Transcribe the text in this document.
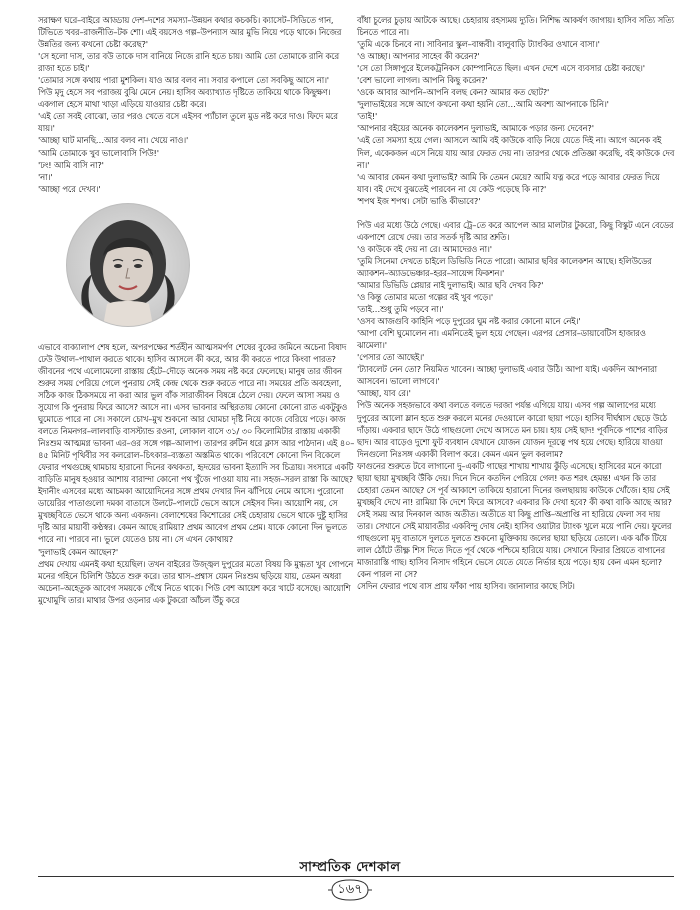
সরাক্ষণ ঘরে–বাইরে আড্ডায় দেশ–দশের সমস্যা–উন্নয়ন কথার কচকচি। ক্যাসেট–সিডিতে গান, টিভিতে খবর–রাজনীতি–টক শো। এই বয়সেও গল্প–উপন্যাস আর মুভি নিয়ে পড়ে থাকে। নিজের উন্নতির জন্য কখনো চেষ্টা করেছ?'

'সে হলো দাস, তার বউ তাকে দাস বানিয়ে নিজে রানি হতে চায়। আমি তো তোমাকে রানি করে রাজা হতে চাই।'

'তোমার সঙ্গে কথায় পারা মুশকিল। যাও আর বলব না। সবার কপালে তো সবকিছু আসে না।'

পিউ মৃদু হেসে সব পরাজয় বুঝি মেনে নেয়। হাসিব অব্যাখ্যাত দৃষ্টিতে তাকিয়ে থাকে কিছুক্ষণ। একগাল হেসে মাথা খাড়া এড়িয়ে যাওয়ার চেষ্টা করে।

'এই তো সবই বোঝো, তার পরও খেতে বসে এইসব প্যাঁচাল তুলে মুড নষ্ট করে দাও। ফিদে মরে যায়।'

'আচ্ছা ঘাট মানছি…আর বলব না। খেয়ে নাও।'

'আমি তোমাকে খুব ভালোবাসি পিউ!'

'ঢং! আমি বাসি না?'

'না।'

'আচ্ছা পরে দেখব।'

এভাবে বাক্যালাপ শেষ হলে, অপরপক্ষের শর্তহীন আত্মসমর্পণ শেষের বুকের জমিনে অচেনা বিষাদ ঢেউ উথাল–পাথাল করতে থাকে। হাসিব আসলে কী করে, আর কী করতে পারে কিংবা পারত? জীবনের পথে এলোমেলো রাস্তায় হেঁটে–দৌড়ে অনেক সময় নষ্ট করে ফেলেছে। মানুষ তার জীবন শুরুর সময় পেরিয়ে গেলে পুনরায় সেই কেন্দ্র থেকে শুরু করতে পারে না। সময়ের প্রতি অবহেলা, সঠিক কাজ ঠিকসময়ে না করা আর ভুল বাঁক সারাজীবন বিষন্নে ঠেলে দেয়। ফেলে আসা সময় ও সুযোগ কি পুনরায় ফিরে আসে? আসে না। এসব ভাবনার অস্থিরতায় কোনো কোনো রাত একটুকুও ঘুমোতে পারে না সে। সকালে চোখ–মুখ শুকনো আর ঘোমচা দৃষ্টি নিয়ে কাজে বেরিয়ে পড়ে। কাজ বলতে নিমনগর–লালবাড়ি বাসস্ট্যান্ড রওনা, লোকাল বাসে ৩১/ ৩০ কিলোমিটার রাস্তায় একাকী নিঃশুম আত্মমগ্ন ভাবনা এর–ওর সঙ্গে গল্প–আলাপ। তারপর রুটিন ধরে ক্লাস আর পাঠদান। এই ৪০–৪৫ মিনিট পৃথিবীর সব কলরোল–চিৎকার–ব্যস্ততা অস্তমিত থাকে। পরিবেশে কোনো দিন বিকেলে ফেরার পথগুচ্ছে থামচায় হারানো দিনের কথকতা, হৃদয়ের ভাবনা ইত্যাদি সব চিত্রায়। সংসারে একটি বাড়িতি মানুষ হওয়ার আশায় বারান্দা কোনো পথ খুঁজে পাওয়া যায় না। সহজ–সরল রাস্তা কি আছে? ইদানীং এসবের মধ্যে আচমকা আয়োদিনের সঙ্গে প্রথম দেখার দিন ঝাঁপিয়ে নেমে আসে। পুরোনো ডায়েরির পাতাগুলো দমকা বাতাসে উলটে–পালটে ভেসে আসে সেইসব দিন। আয়োশি নয়, সে মুখচ্ছবিতে ভেসে থাকে অন্য একজন। বেলাশেষের কিশোরের সেই চেহারায় ভেসে থাকে দুষ্টু হাসির দৃষ্টি আর মায়াবী কণ্ঠস্বর। কেমন আছে রামিয়া? প্রথম আবেগ প্রথম প্রেম। যাকে কোনো দিন ভুলতে পারে না। পারবে না। ভুলে যেতেও চায় না। সে এখন কোথায়?

'দুলাভাই কেমন আছেন?'

প্রথম দেখায় এমনই কথা হয়েছিল। তখন বাইরের উজ্জ্বল দুপুরের মতো বিষয় কি মুগ্ধতা খুব গোপনে মনের গহিনে চিলিশি উঠতে শুরু করে। তার শ্বাস–প্রশ্বাস যেমন নিঃশুম ছড়িয়ে যায়, তেমন অধরা অচেনা–অহেতুক আবেগ সময়কে গেঁথে নিতে থাকে। পিউ বেশ আয়েশ করে খাটে বসেছে। আয়োশি মুখোমুখি তার। মাথার উপর ওড়নার এক টুকরো আঁচল উঁচু করে

বাঁধা চুলের চুড়ায় আটকে আছে। চেহারায় রহস্যময় দ্যুতি। নিশিদ্ধ আকর্ষণ জাগায়। হাসিব সত্যি সত্যি চিনতে পারে না।

'তুমি একে চিনবে না। সাবিনার স্কুল–বান্ধবী। বালুবাড়ি ট্যাংকির ওখানে বাসা।'

'ও আচ্ছা। আপনার সাহেব কী করেন?'

'সে তো সিঙ্গাপুরে ইলেকট্রনিকস কোম্পানিতে ছিল। এখন দেশে এসে ব্যবসার চেষ্টা করছে।'

'বেশ ভালো লাগল। আপনি কিছু করেন?'

'ওকে আবার আপনি–আপনি বলছ কেন? আমার কত ছোট?'

'দুলাভাইয়ের সঙ্গে আগে কখনো কথা হয়নি তো…আমি অবশ্য আপনাকে চিনি।'

'তাই!'

'আপনার বইয়ের অনেক কালেকশন দুলাভাই, আমাকে পড়ার জন্য দেবেন?'

'এই তো সমস্যা হয়ে গেল। আসলে আমি বই কাউকে বাড়ি নিয়ে যেতে দিই না। আগে অনেক বই দিল, একেকজন এসে নিয়ে যায় আর ফেরত দেয় না। তারপর থেকে প্রতিজ্ঞা করেছি, বই কাউকে দেব না।'

'এ আবার কেমন কথা দুলাভাই? আমি কি তেমন মেয়ে? আমি যত্ন করে পড়ে আবার ফেরত দিয়ে যাব। বই দেখে বুঝতেই পারবেন না যে কেউ পড়েছে কি না?'

'শপথ ইজ শপথ। সেটা ভাঙি কীভাবে?'

পিউ এর মধ্যে উঠে গেছে। এবার ট্রে–তে করে আপেল আর মালটার টুকরো, কিছু বিস্কুট এনে বেডের একপাশে রেখে দেয়। তার সতর্ক দৃষ্টি আর শ্রুতি।

'ও কাউকে বই দেয় না রে। আমাদেরও না।'

'তুমি সিনেমা দেখতে চাইলে ডিভিডি নিতে পারো। আমার ছবির কালেকশন আছে। হলিউডের অ্যাকশন–অ্যাডভেঞ্চার–হরর–সায়েন্স ফিকশন।'

'আমার ডিভিডি প্লেয়ার নাই দুলাভাই। আর ছবি দেখব কি?'

'ও কিন্তু তোমার মতো গল্পের বই খুব পড়ে।'

'তাই…শুধু তুমি পড়বে না।'

'ওসব আজগুবি কাহিনি পড়ে দুপুরের ঘুম নষ্ট করার কোনো মানে নেই।'

'আপা বেশি ঘুমোলেন না। এমনিতেই ভুল হয়ে গেছেন। এরপর প্রেসার–ডায়াবেটিস হাজারও ঝামেলা।'

'পেসার তো আছেই।'

'ট্যাবলেট নেন তো? নিয়মিত খাবেন। আচ্ছা দুলাভাই এবার উঠি। আপা যাই। একদিন আপনারা আসবেন। ভালো লাগবে।'

'আচ্ছা, যাব রে।'

পিউ অনেক সহজভাবে কথা বলতে বলতে দরজা পর্যন্ত এগিয়ে যায়। এসব গল্প আলাপের মধ্যে দুপুরের আলো ম্লান হতে শুরু করলে মনের দেওয়ালে কারো ছায়া পড়ে। হাসিব দীর্ঘশ্বাস ছেড়ে উঠে দাঁড়ায়। একবার ছাদে উঠে গাছগুলো দেখে আসতে মন চায়। হায় সেই ছাদ! পূর্বদিকে পাশের বাড়ির ছাদ। আর বাড়েও দুশো ফুট ব্যবধান যেখানে যোজন যোজন দূরত্বে পথ হয়ে গেছে। হারিয়ে যাওয়া দিনগুলো নিঃসঙ্গ একাকী বিলাপ করে। কেমন এমন ভুল করলাম?

ফাগুনের শুরুতে টবে লাগানো দু–একটি গাছের শাখায় শাখায় কুঁড়ি এসেছে। হাসিবের মনে কারো ছায়া ছায়া মুখচ্ছবি উঁকি দেয়। দিনে দিনে কতদিন পেরিয়ে গেল! কত শরৎ হেমন্ত! এখন কি তার চেহারা তেমন আছে? সে পূর্ব আকাশে তাকিয়ে হারানো দিনের জলছায়ায় কাউকে খোঁজে। হায় সেই মুখচ্ছবি দেখে না! রামিয়া কি দেশে ফিরে আসবে? একবার কি দেখা হবে? কী কথা বাকি আছে আর? সেই সময় আর দিনকাল আজ অতীত। অতীতে যা কিছু প্রাপ্তি–অপ্রাপ্তি না হারিয়ে ফেলা সব দায় তার। সেখানে সেই মায়াবতীর একবিন্দু দোষ নেই। হাসিব ওয়াটার ট্যাংক খুলে ময়ে পানি দেয়। ফুলের গাছগুলো মৃদু বাতাসে দুলতে দুলতে শুকনো মুক্তিকায় জলের ছায়া ছড়িয়ে তোলে। এক ঝাঁক টিয়ে লাল ঠোঁটে তীক্ষ্ণ শিস দিতে দিতে পূর্ব থেকে পশ্চিমে হারিয়ে যায়। সেখানে ফিরার প্রিয়তে বাগানের মাজারাস্তি গাছ। হাসিব নিসাদ গহিনে ভেসে যেতে যেতে নির্ভার হয়ে পড়ে। হায় কেন এমন হলো? কেন পারল না সে?

সেদিন ফেরার পথে বাস প্রায় ফাঁকা পায় হাসিব। জানালার কাছে সিট।

সাম্প্রতিক দেশকাল
১৬৭
